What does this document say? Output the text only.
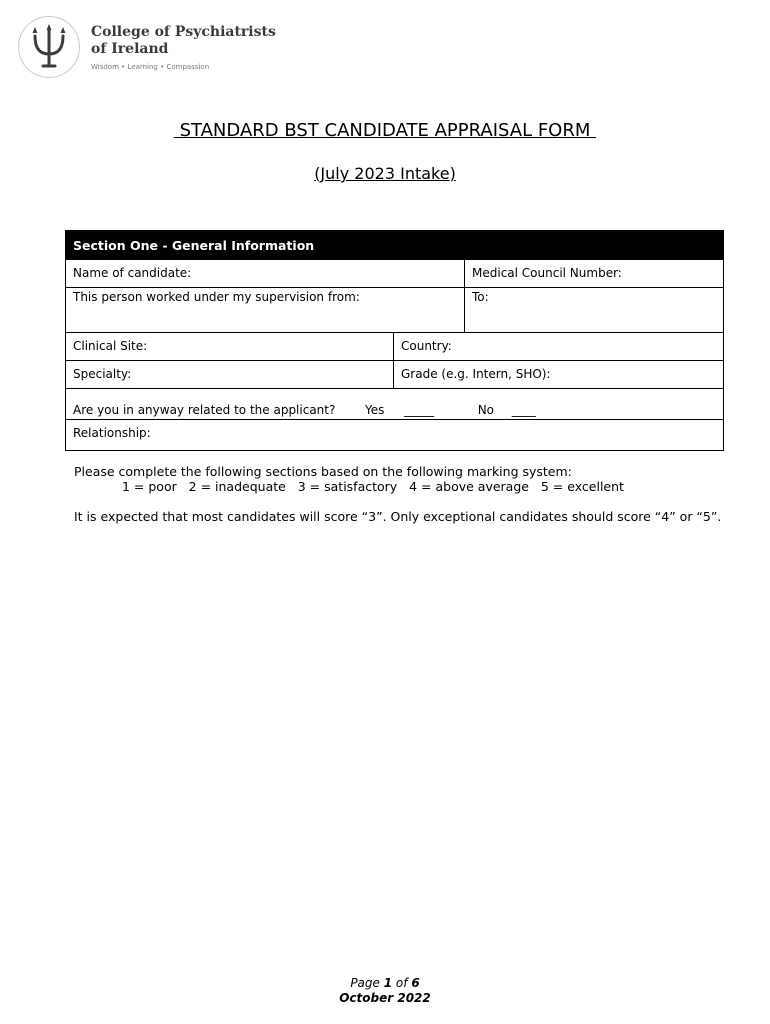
College of Psychiatrists
of Ireland
Wisdom • Learning • Compassion
STANDARD BST CANDIDATE APPRAISAL FORM
(July 2023 Intake)
Section One - General Information
Name of candidate:	Medical Council Number:
This person worked under my supervision from:	To:
Clinical Site:	Country:
Specialty:	Grade (e.g. Intern, SHO):
Are you in anyway related to the applicant? Yes _____	No ____
Relationship:
Please complete the following sections based on the following marking system:
1 = poor   2 = inadequate   3 = satisfactory   4 = above average   5 = excellent
It is expected that most candidates will score “3”. Only exceptional candidates should score “4” or “5”.
Page 1 of 6
October 2022
